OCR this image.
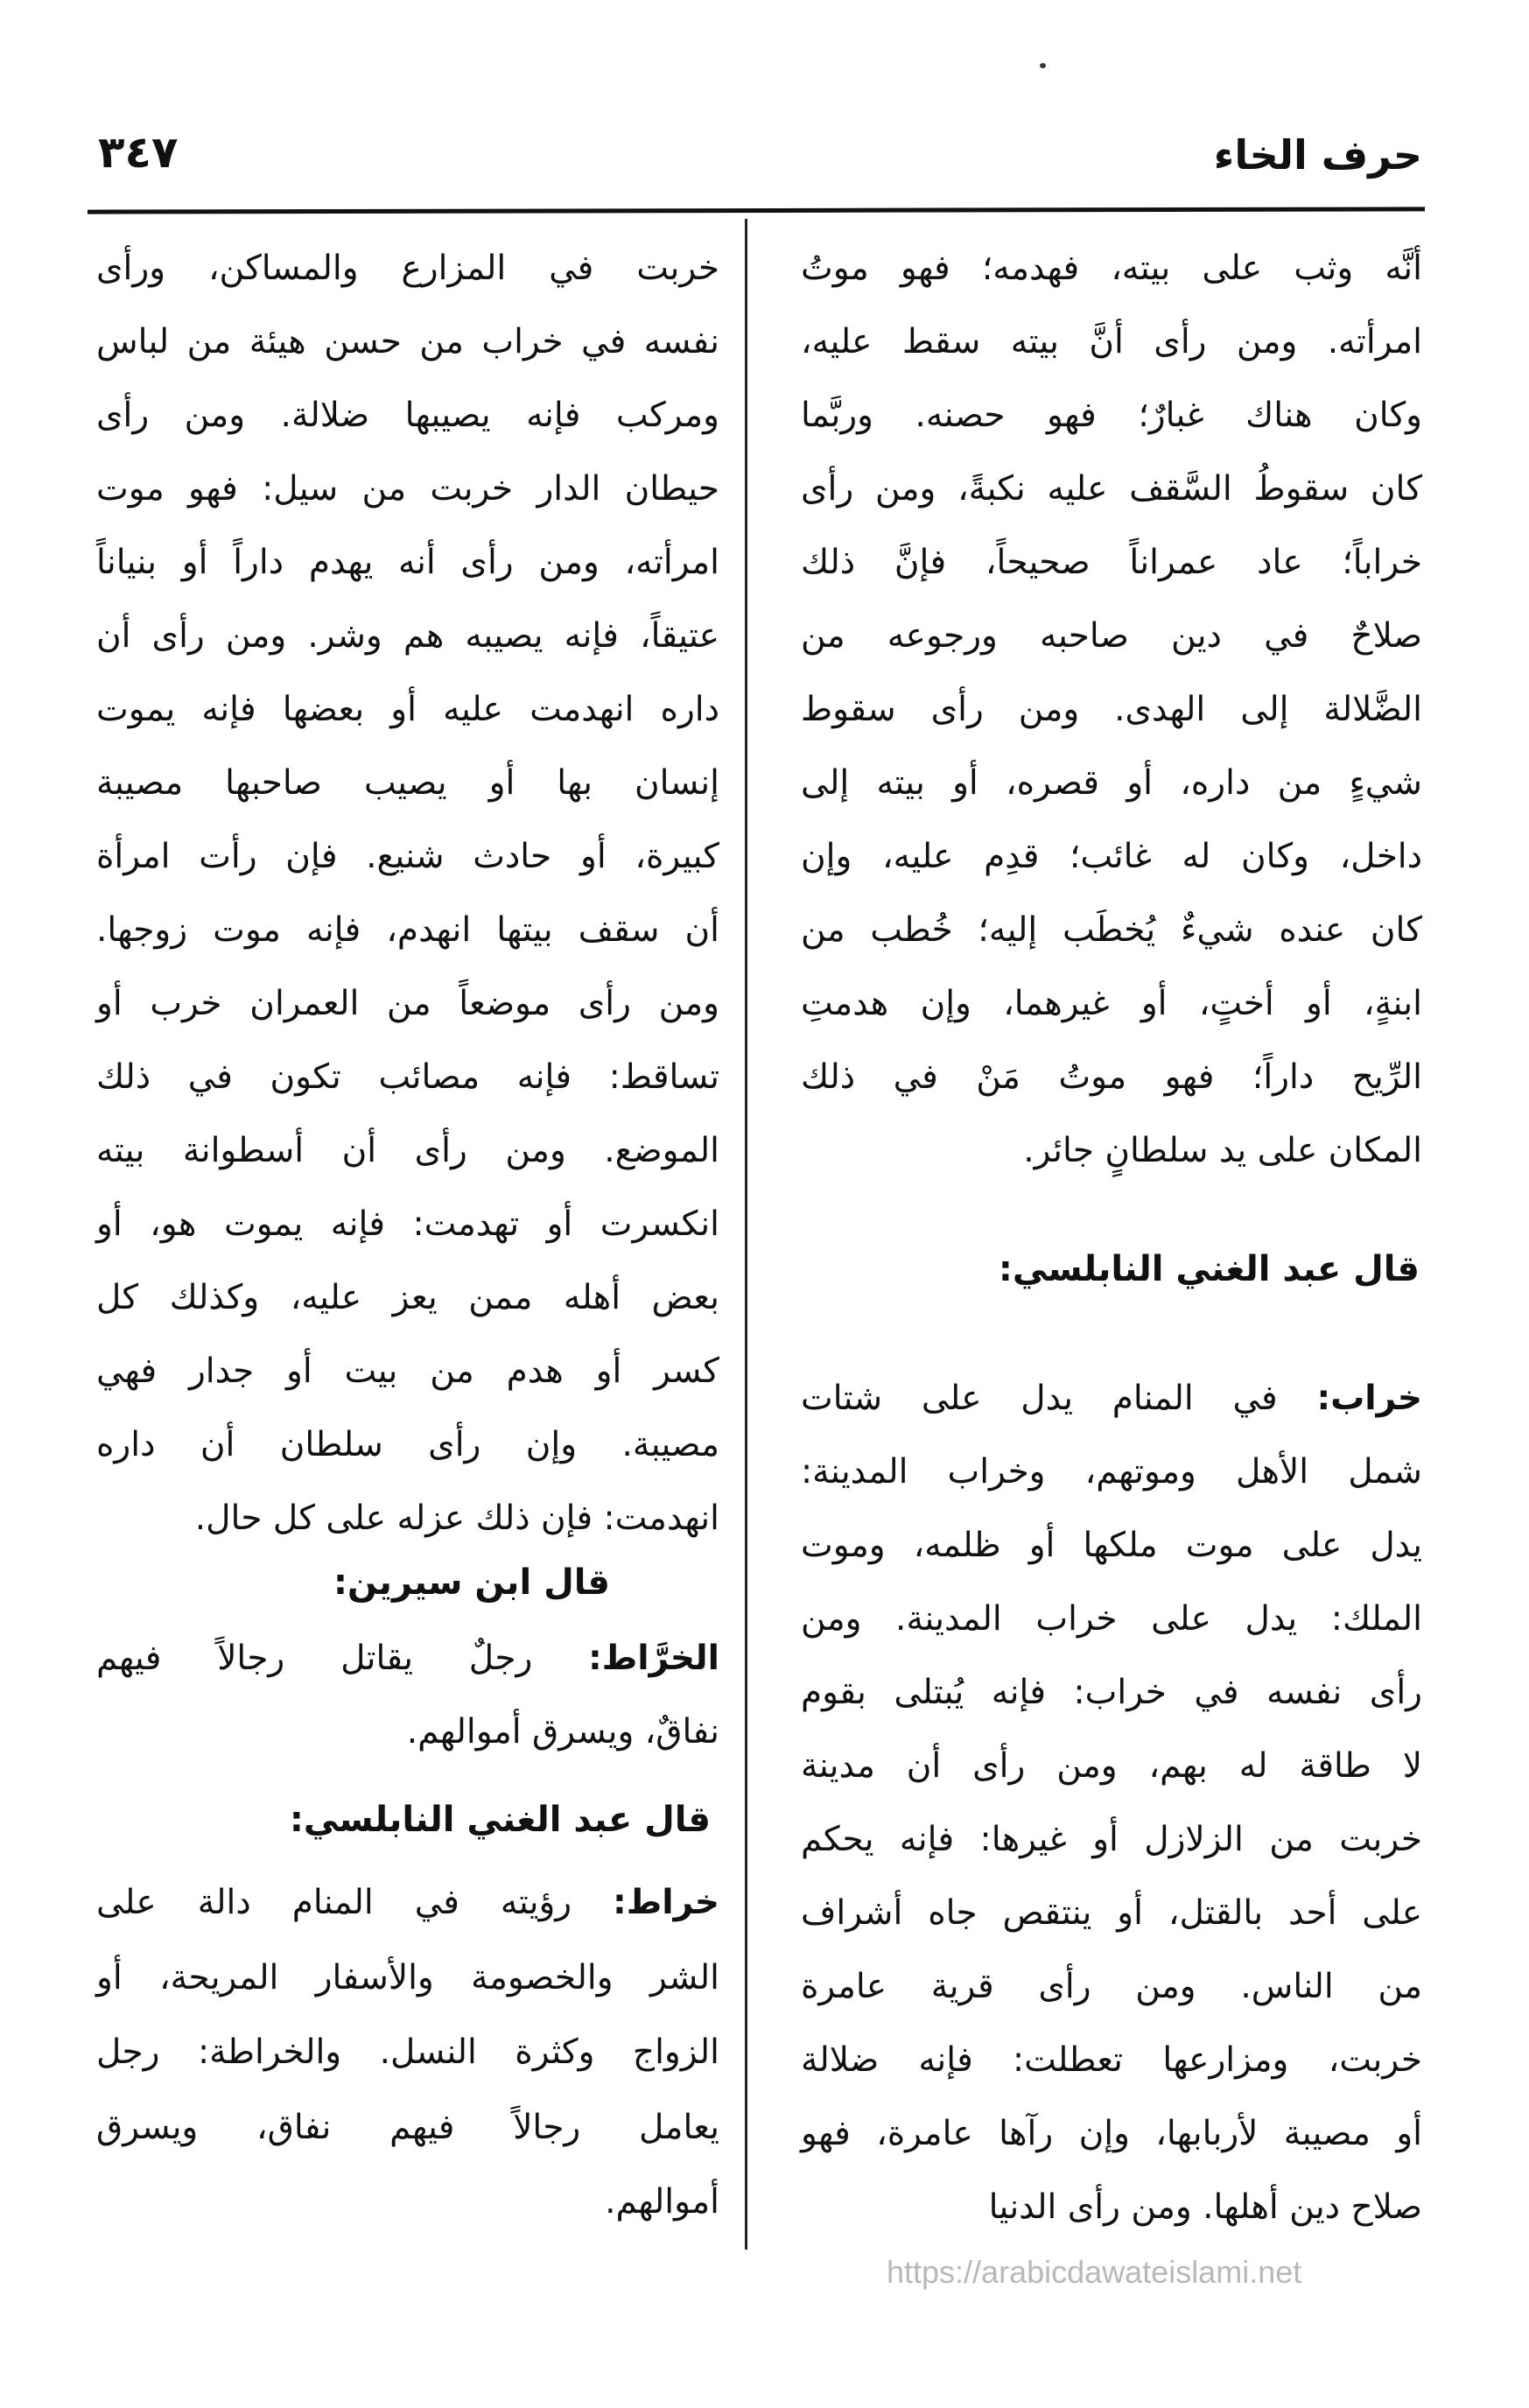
حرف الخاء
٣٤٧
أنَّه وثب على بيته، فهدمه؛ فهو موتُ
امرأته. ومن رأى أنَّ بيته سقط عليه،
وكان هناك غبارٌ؛ فهو حصنه. وربَّما
كان سقوطُ السَّقف عليه نكبةً، ومن رأى
خراباً؛ عاد عمراناً صحيحاً، فإنَّ ذلك
صلاحٌ في دين صاحبه ورجوعه من
الضَّلالة إلى الهدى. ومن رأى سقوط
شيءٍ من داره، أو قصره، أو بيته إلى
داخل، وكان له غائب؛ قدِم عليه، وإن
كان عنده شيءٌ يُخطَب إليه؛ خُطب من
ابنةٍ، أو أختٍ، أو غيرهما، وإن هدمتِ
الرِّيح داراً؛ فهو موتُ مَنْ في ذلك
المكان على يد سلطانٍ جائر.
قال عبد الغني النابلسي:
خراب: في المنام يدل على شتات
شمل الأهل وموتهم، وخراب المدينة:
يدل على موت ملكها أو ظلمه، وموت
الملك: يدل على خراب المدينة. ومن
رأى نفسه في خراب: فإنه يُبتلى بقوم
لا طاقة له بهم، ومن رأى أن مدينة
خربت من الزلازل أو غيرها: فإنه يحكم
على أحد بالقتل، أو ينتقص جاه أشراف
من الناس. ومن رأى قرية عامرة
خربت، ومزارعها تعطلت: فإنه ضلالة
أو مصيبة لأربابها، وإن رآها عامرة، فهو
صلاح دين أهلها. ومن رأى الدنيا
خربت في المزارع والمساكن، ورأى
نفسه في خراب من حسن هيئة من لباس
ومركب فإنه يصيبها ضلالة. ومن رأى
حيطان الدار خربت من سيل: فهو موت
امرأته، ومن رأى أنه يهدم داراً أو بنياناً
عتيقاً، فإنه يصيبه هم وشر. ومن رأى أن
داره انهدمت عليه أو بعضها فإنه يموت
إنسان بها أو يصيب صاحبها مصيبة
كبيرة، أو حادث شنيع. فإن رأت امرأة
أن سقف بيتها انهدم، فإنه موت زوجها.
ومن رأى موضعاً من العمران خرب أو
تساقط: فإنه مصائب تكون في ذلك
الموضع. ومن رأى أن أسطوانة بيته
انكسرت أو تهدمت: فإنه يموت هو، أو
بعض أهله ممن يعز عليه، وكذلك كل
كسر أو هدم من بيت أو جدار فهي
مصيبة. وإن رأى سلطان أن داره
انهدمت: فإن ذلك عزله على كل حال.
قال ابن سيرين:
الخرَّاط: رجلٌ يقاتل رجالاً فيهم
نفاقٌ، ويسرق أموالهم.
قال عبد الغني النابلسي:
خراط: رؤيته في المنام دالة على
الشر والخصومة والأسفار المريحة، أو
الزواج وكثرة النسل. والخراطة: رجل
يعامل رجالاً فيهم نفاق، ويسرق
أموالهم.
https://arabicdawateislami.net
